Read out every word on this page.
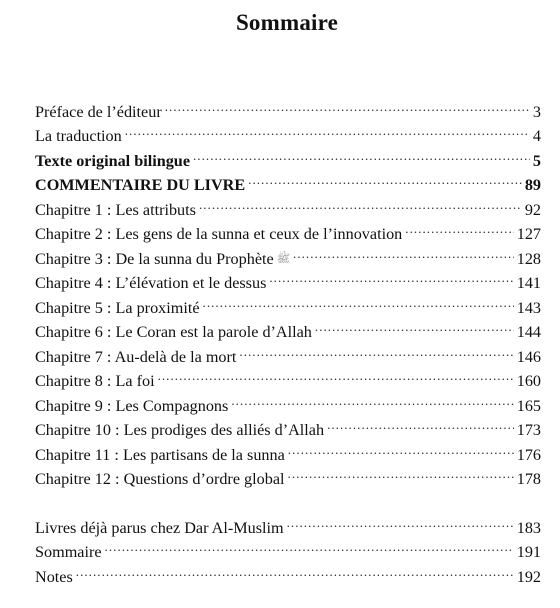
Sommaire
Préface de l’éditeur .....	3
La traduction .....	4
Texte original bilingue .....	5
COMMENTAIRE DU LIVRE .....	89
Chapitre 1 : Les attributs .....	92
Chapitre 2 : Les gens de la sunna et ceux de l’innovation .....	127
Chapitre 3 : De la sunna du Prophète ﷺ .....	128
Chapitre 4 : L’élévation et le dessus .....	141
Chapitre 5 : La proximité .....	143
Chapitre 6 : Le Coran est la parole d’Allah .....	144
Chapitre 7 : Au-delà de la mort .....	146
Chapitre 8 : La foi .....	160
Chapitre 9 : Les Compagnons .....	165
Chapitre 10 : Les prodiges des alliés d’Allah .....	173
Chapitre 11 : Les partisans de la sunna .....	176
Chapitre 12 : Questions d’ordre global .....	178
Livres déjà parus chez Dar Al-Muslim .....	183
Sommaire .....	191
Notes .....	192
